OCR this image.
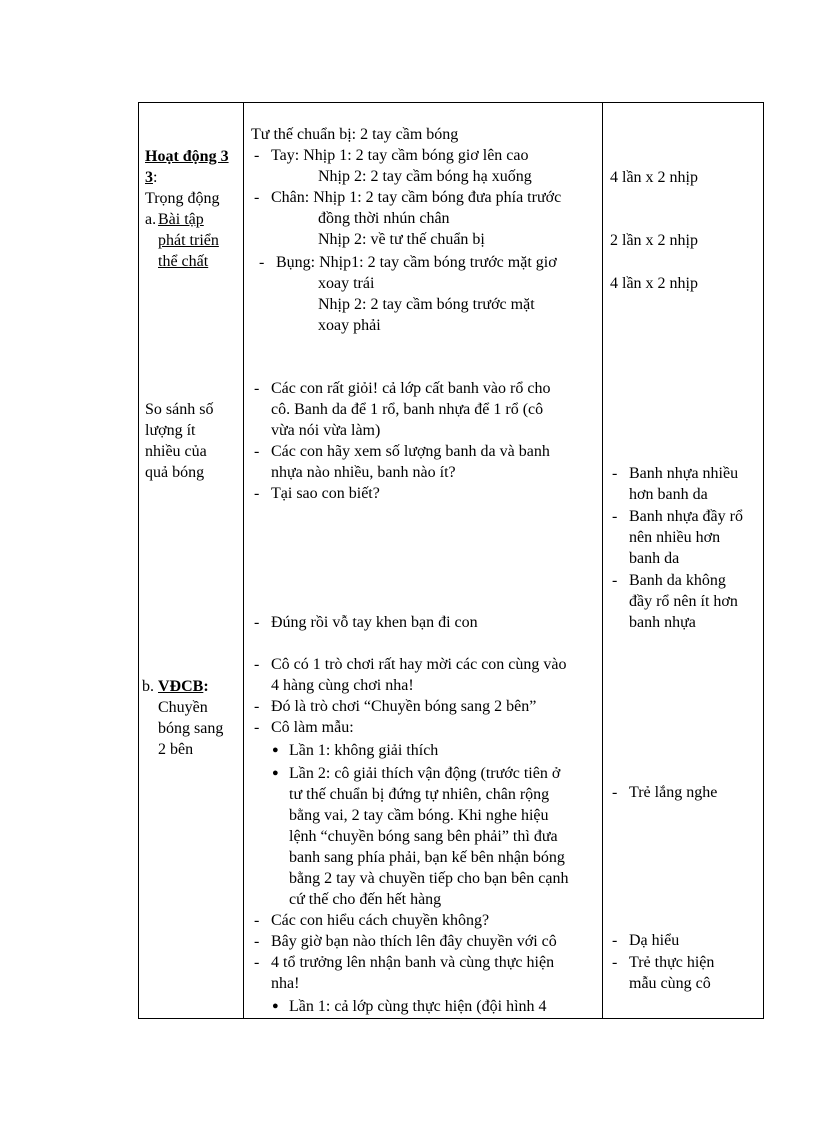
Hoạt động 3
3:
Trọng động
a. Bài tập
phát triển
thể chất
So sánh số
lượng ít
nhiều của
quả bóng
b. VĐCB:
Chuyền
bóng sang
2 bên
Tư thế chuẩn bị: 2 tay cầm bóng
- Tay: Nhịp 1: 2 tay cầm bóng giơ lên cao
Nhịp 2: 2 tay cầm bóng hạ xuống
- Chân: Nhịp 1: 2 tay cầm bóng đưa phía trước
đồng thời nhún chân
Nhịp 2: về tư thế chuẩn bị
- Bụng: Nhịp1: 2 tay cầm bóng trước mặt giơ
xoay trái
Nhịp 2: 2 tay cầm bóng trước mặt
xoay phải
- Các con rất giỏi! cả lớp cất banh vào rổ cho
cô. Banh da để 1 rổ, banh nhựa để 1 rổ (cô
vừa nói vừa làm)
- Các con hãy xem số lượng banh da và banh
nhựa nào nhiều, banh nào ít?
- Tại sao con biết?
- Đúng rồi vỗ tay khen bạn đi con
- Cô có 1 trò chơi rất hay mời các con cùng vào
4 hàng cùng chơi nha!
- Đó là trò chơi “Chuyền bóng sang 2 bên”
- Cô làm mẫu:
● Lần 1: không giải thích
● Lần 2: cô giải thích vận động (trước tiên ở
tư thế chuẩn bị đứng tự nhiên, chân rộng
bằng vai, 2 tay cầm bóng. Khi nghe hiệu
lệnh “chuyền bóng sang bên phải” thì đưa
banh sang phía phải, bạn kế bên nhận bóng
bằng 2 tay và chuyền tiếp cho bạn bên cạnh
cứ thế cho đến hết hàng
- Các con hiểu cách chuyền không?
- Bây giờ bạn nào thích lên đây chuyền với cô
- 4 tổ trưởng lên nhận banh và cùng thực hiện
nha!
● Lần 1: cả lớp cùng thực hiện (đội hình 4
4 lần x 2 nhịp
2 lần x 2 nhịp
4 lần x 2 nhịp
- Banh nhựa nhiều
hơn banh da
- Banh nhựa đầy rổ
nên nhiều hơn
banh da
- Banh da không
đầy rổ nên ít hơn
banh nhựa
- Trẻ lắng nghe
- Dạ hiểu
- Trẻ thực hiện
mẫu cùng cô
